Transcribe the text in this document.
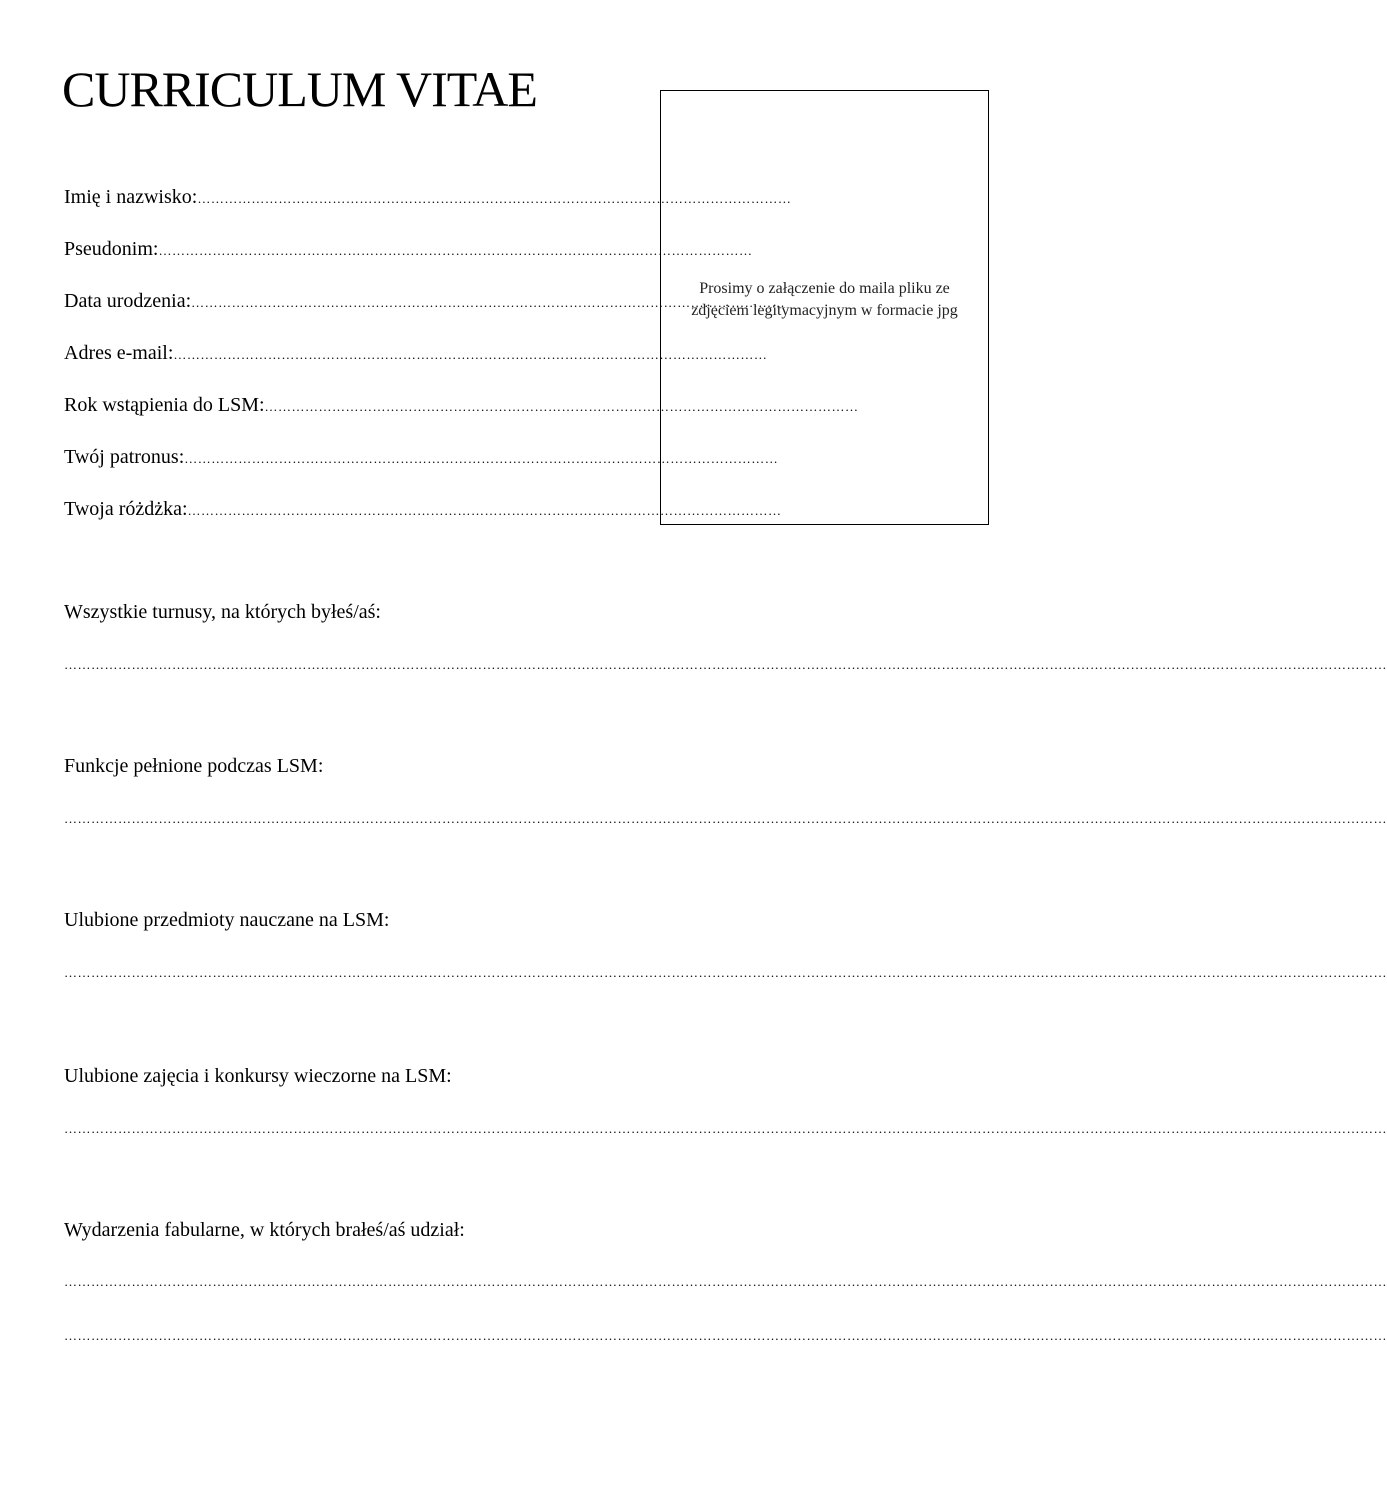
CURRICULUM VITAE
Imię i nazwisko: ……………………………………………………………………………………………………………………
Pseudonim: ……………………………………………………………………………………………………………………
Data urodzenia: ……………………………………………………………………………………………………………………
Adres e-mail: ……………………………………………………………………………………………………………………
Rok wstąpienia do LSM: ……………………………………………………………………………………………………………………
Twój patronus: ……………………………………………………………………………………………………………………
Twoja różdżka: ……………………………………………………………………………………………………………………
Prosimy o załączenie do maila pliku ze zdjęciem legitymacyjnym w formacie jpg
Wszystkie turnusy, na których byłeś/aś:
……………………………………………………………………………………………………………………………………………………………………………………………………………………………………………………………………
Funkcje pełnione podczas LSM:
……………………………………………………………………………………………………………………………………………………………………………………………………………………………………………………………………
Ulubione przedmioty nauczane na LSM:
……………………………………………………………………………………………………………………………………………………………………………………………………………………………………………………………………
Ulubione zajęcia i konkursy wieczorne na LSM:
……………………………………………………………………………………………………………………………………………………………………………………………………………………………………………………………………
Wydarzenia fabularne, w których brałeś/aś udział:
……………………………………………………………………………………………………………………………………………………………………………………………………………………………………………………………………
……………………………………………………………………………………………………………………………………………………………………………………………………………………………………………………………………
